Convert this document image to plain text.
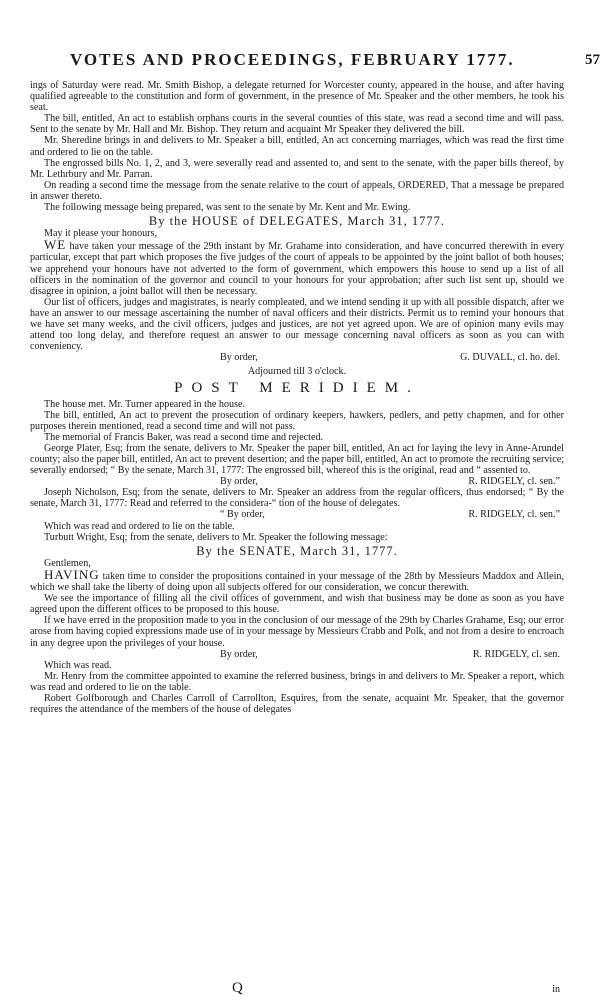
VOTES AND PROCEEDINGS, FEBRUARY 1777.	57

ings of Saturday were read. Mr. Smith Bishop, a delegate returned for Worcester county, appeared in the house, and after having qualified agreeable to the constitution and form of government, in the presence of Mr. Speaker and the other members, he took his seat.

The bill, entitled, An act to establish orphans courts in the several counties of this state, was read a second time and will pass. Sent to the senate by Mr. Hall and Mr. Bishop. They return and acquaint Mr Speaker they delivered the bill.

Mr. Sheredine brings in and delivers to Mr. Speaker a bill, entitled, An act concerning marriages, which was read the first time and ordered to lie on the table.

The engrossed bills No. 1, 2, and 3, were severally read and assented to, and sent to the senate, with the paper bills thereof, by Mr. Lethrbury and Mr. Parran.

On reading a second time the message from the senate relative to the court of appeals, ORDERED, That a message be prepared in answer thereto.

The following message being prepared, was sent to the senate by Mr. Kent and Mr. Ewing.

By the HOUSE of DELEGATES, March 31, 1777.

May it please your honours,

WE have taken your message of the 29th instant by Mr. Grahame into consideration, and have concurred therewith in every particular, except that part which proposes the five judges of the court of appeals to be appointed by the joint ballot of both houses; we apprehend your honours have not adverted to the form of government, which empowers this house to send up a list of all officers in the nomination of the governor and council to your honours for your approbation; after such list sent up, should we disagree in opinion, a joint ballot will then be necessary.

Our list of officers, judges and magistrates, is nearly compleated, and we intend sending it up with all possible dispatch, after we have an answer to our message ascertaining the number of naval officers and their districts. Permit us to remind your honours that we have set many weeks, and the civil officers, judges and justices, are not yet agreed upon. We are of opinion many evils may attend too long delay, and therefore request an answer to our message concerning naval officers as soon as you can with conveniency.

By order,	G. DUVALL, cl. ho. del.

Adjourned till 3 o'clock.

POST MERIDIEM.

The house met. Mr. Turner appeared in the house.

The bill, entitled, An act to prevent the prosecution of ordinary keepers, hawkers, pedlers, and petty chapmen, and for other purposes therein mentioned, read a second time and will not pass.

The memorial of Francis Baker, was read a second time and rejected.

George Plater, Esq; from the senate, delivers to Mr. Speaker the paper bill, entitled, An act for laying the levy in Anne-Arundel county; also the paper bill, entitled, An act to prevent desertion; and the paper bill, entitled, An act to promote the recruiting service; severally endorsed; “ By the senate, March 31, 1777: The engrossed bill, whereof this is the original, read and “ assented to.

By order,	R. RIDGELY, cl. sen.”

Joseph Nicholson, Esq; from the senate, delivers to Mr. Speaker an address from the regular officers, thus endorsed; “ By the senate, March 31, 1777: Read and referred to the considera-“ tion of the house of delegates.

“ By order,	R. RIDGELY, cl. sen.”

Which was read and ordered to lie on the table.

Turbutt Wright, Esq; from the senate, delivers to Mr. Speaker the following message:

By the SENATE, March 31, 1777.

Gentlemen,

HAVING taken time to consider the propositions contained in your message of the 28th by Messieurs Maddox and Allein, which we shall take the liberty of doing upon all subjects offered for our consideration, we concur therewith.

We see the importance of filling all the civil offices of government, and wish that business may be done as soon as you have agreed upon the different offices to be proposed to this house.

If we have erred in the proposition made to you in the conclusion of our message of the 29th by Charles Grahame, Esq; our error arose from having copied expressions made use of in your message by Messieurs Crabb and Polk, and not from a desire to encroach in any degree upon the privileges of your house.

By order,	R. RIDGELY, cl. sen.

Which was read.

Mr. Henry from the committee appointed to examine the referred business, brings in and delivers to Mr. Speaker a report, which was read and ordered to lie on the table.

Robert Golfborough and Charles Carroll of Carrollton, Esquires, from the senate, acquaint Mr. Speaker, that the governor requires the attendance of the members of the house of delegates

Q	in
